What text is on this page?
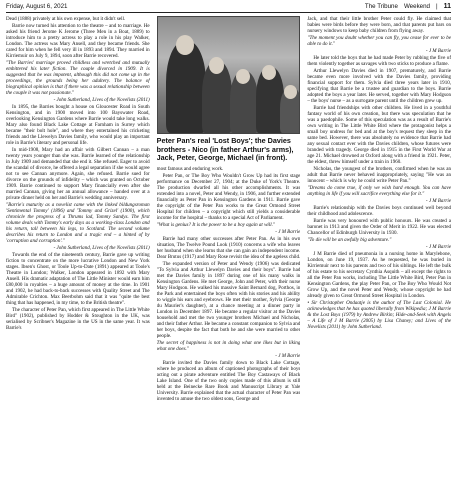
Friday, August 6, 2021	The Tribune Weekend | 11

Dead (1888) privately at his own expense, but it didn't sell.

Barrie now turned his attention to the theatre – and to marriage. He asked his friend Jerome K Jerome (Three Men in a Boat, 1889) to introduce him to a pretty actress to play a role in his play Walker, London. The actress was Mary Ansell, and they became friends. She cared for him when he fell very ill in 1893 and 1894. They married in Kirriemuir on July 9, 1894, soon after Barrie recovered.

"The Barries' marriage proved childless and wretched and mutually embittered his later fiction. The couple divorced in 1909. It is suggested that he was impotent, although this did not come up in the proceedings, the grounds being her adultery. The balance of biographical opinion is that if there was a sexual relationship between the couple it was not passionate."

- John Sutherland, Lives of the Novelists (2011)

In 1895, the Barries bought a house on Gloucester Road in South Kensington, and in 1900 moved into 100 Bayswater Road, overlooking Kensington Gardens where Barrie would take long walks. Mary also found Black Lake Cottage at Farnham in Surrey which became "their bolt hole", and where they entertained his cricketing friends and the Llewelyn Davies family, who would play an important role in Barrie's literary and personal life.

In mid-1908, Mary had an affair with Gilbert Cannan – a man twenty years younger than she was. Barrie learned of the relationship in July 1909 and demanded that she end it. She refused. Eager to avoid the scandal of divorce, he offered a legal separation if she would agree not to see Cannan anymore. Again, she refused. Barrie sued for divorce on the grounds of infidelity – which was granted on October 1909. Barrie continued to support Mary financially even after she married Cannan, giving her an annual allowance – handed over at a private dinner held on her and Barrie's wedding anniversary.

"Barrie's maturity as a novelist came with the linked bildungsroman 'Sentimental Tommy' (1896) and 'Tommy and Grizel' (1900), which chronicle the progress of a Thrums lad, Tommy Sandys. The first volume deals with Tommy's early days as a working-class London and his return, tall between his legs, to Scotland. The second volume describes his return to London and a tragic end – a hinted of by 'corruption and corruption'."

- John Sutherland, Lives of the Novelists (2011)

Towards the end of the nineteenth century, Barrie gave up writing fiction to concentrate on the more lucrative London and New York stages. Ibsen's Ghost, or Toole Up-to-Date (1891) appeared at Toole's Theatre in London; Walker, London appeared in 1892 with Mary Ansell. His dramatic adaptation of The Little Minister would earn him £80,000 in royalties – a huge amount of money at the time. In 1901 and 1902, he had back-to-back successes with Quality Street and The Admirable Crichton. Max Beerbohm said that it was "quite the best thing that has happened, in my time, to the British theatre".

The character of Peter Pan, which first appeared in The Little White Bird" (1902), published by Hodder & Stoughton in the UK, was serialised by Scribner's Magazine in the US in the same year. It was Barrie's

Peter Pan's real 'Lost Boys'; the Davies brothers - Nico (in father Arthur's arms), Jack, Peter, George, Michael (in front).

most famous and enduring work.

Peter Pan, or The Boy Who Wouldn't Grow Up had its first stage performance on December 27, 1904; at the Duke of York's Theatre. The production dwarfed all his other accomplishments. It was extended into a novel, Peter and Wendy, in 1906, and further extended financially as Peter Pan in Kensington Gardens in 1911. Barrie gave the copyright of the Peter Pan works to the Great Ormond Street Hospital for children – a copyright which still yields a considerable income for the hospital – thanks to a special Act of Parliament.

"What is genius? It is the power to be a boy again at will."

- J M Barrie

Barrie had many other successes after Peter Pan. As in his own situation, The Twelve Pound Look (1910) concerns a wife who leaves her husband when she learns that she can gain an independent income. Dear Brutus (1917) and Mary Rose revisit the idea of the ageless child.

The expanded version of Peter and Wendy (1906) was dedicated "To Sylvia and Arthur Llewelyn Davies and their boys". Barrie had met the Davies family in 1897 during one of his many walks in Kensington Gardens. He met George, John and Peter, with their nurse Mary Hodgson. He walked his massive Saint Bernard dog, Porthos, in the Park and entertained the boys often with his stories and his ability to wiggle his ears and eyebrows. He met their mother, Sylvia (George du Maurier's daughter), at a chance meeting at a dinner party in London in December 1897. He became a regular visitor at the Davies household and met the two younger brothers Michael and Nicholas, and their father Arthur. He became a constant companion to Sylvia and her boys, despite the fact that both he and she were married to other people.

The secret of happiness is not in doing what one likes but in liking what one does."

- J M Barrie

Barrie invited the Davies family down to Black Lake Cottage, where he produced an album of captioned photographs of their boys acting out a pirate adventure entitled The Boy Castaways of Black Lake Island. One of the two only copies made of this album is still held at the Beinecke Rare Book and Manuscript Library at Yale University. Barrie explained that the actual character of Peter Pan was invented to amuse the two oldest sons, George and

Jack, and that their little brother Peter could fly. He claimed that babies were birds before they were born, and that parents put bars on nursery windows to keep baby children from flying away.

"The moment you doubt whether you can fly, you cease for ever to be able to do it."

- J M Barrie

He later told the boys that he had made Peter by rubbing the five of them violently together as savages with two sticks to produce a flame.

Arthur Llewelyn Davies died in 1907, prematurely, and Barrie became even more involved with the Davies family, providing financial support for them. Sylvia died three years later in 1910, specifying that Barrie be a trustee and guardian to the boys. Barrie adopted the boys a year later. He served, together with Mary Hodgson – the boys' nurse – as a surrogate parent until the children grew up.

Barrie had friendships with other children. He lived in a youthful fantasy world of his own creation, but there was speculation that he was a paedophile. Some of this speculation was as a result of Barrie's own writing in The Little White Bird where the protagonist helps a small boy undress for bed and at the boy's request they sleep in the same bed. However, there was absolutely no evidence that Barrie had any sexual contact ever with the Davies children, whose futures were branded with tragedy. George died in 1915 in the First World War at age 21. Michael drowned at Oxford along with a friend in 1921. Peter, the eldest, threw himself under a train in 1960.

Nicholas, the youngest of the brothers, confirmed when he was an adult that Barrie never behaved inappropriately, saying "He was an innocent – which is why he could write Peter Pan."

"Dreams do come true, if only we wish hard enough. You can have anything in life if you will sacrifice everything else for it."

- J M Barrie

Barrie's relationship with the Davies boys continued well beyond their childhood and adolescence.

Barrie was very honoured with public honours. He was created a baronet in 1913 and given the Order of Merit in 1922. He was elected Chancellor of Edinburgh University in 1930.

"To die will be an awfully big adventure."

- J M Barrie

J M Barrie died of pneumonia in a nursing home in Marylebone, London, on June 19, 1937. As he requested, he was buried in Kirriemuir next to his parents and two of his siblings. He left the bulk of his estate to his secretary Cynthia Asquith – all except the rights to all the Peter Pan works, including The Little White Bird, Peter Pan in Kensington Gardens, the play Peter Pan, or The Boy Who Would Not Grow Up, and the novel Peter and Wendy, whose copyright he had already given to Great Ormond Street Hospital in London.

• Sir Christopher Ondaatje is the author of The Last Colonial. He acknowledges that he has quoted liberally from Wikipedia; J M Barrie & the Lost Boys (1979) by Andrew Birkin; Hide-and-Seek with Angels – A Life of J M Barrie (2005) by Lisa Chaney; and Lives of the Novelists (2011) by John Sutherland.
